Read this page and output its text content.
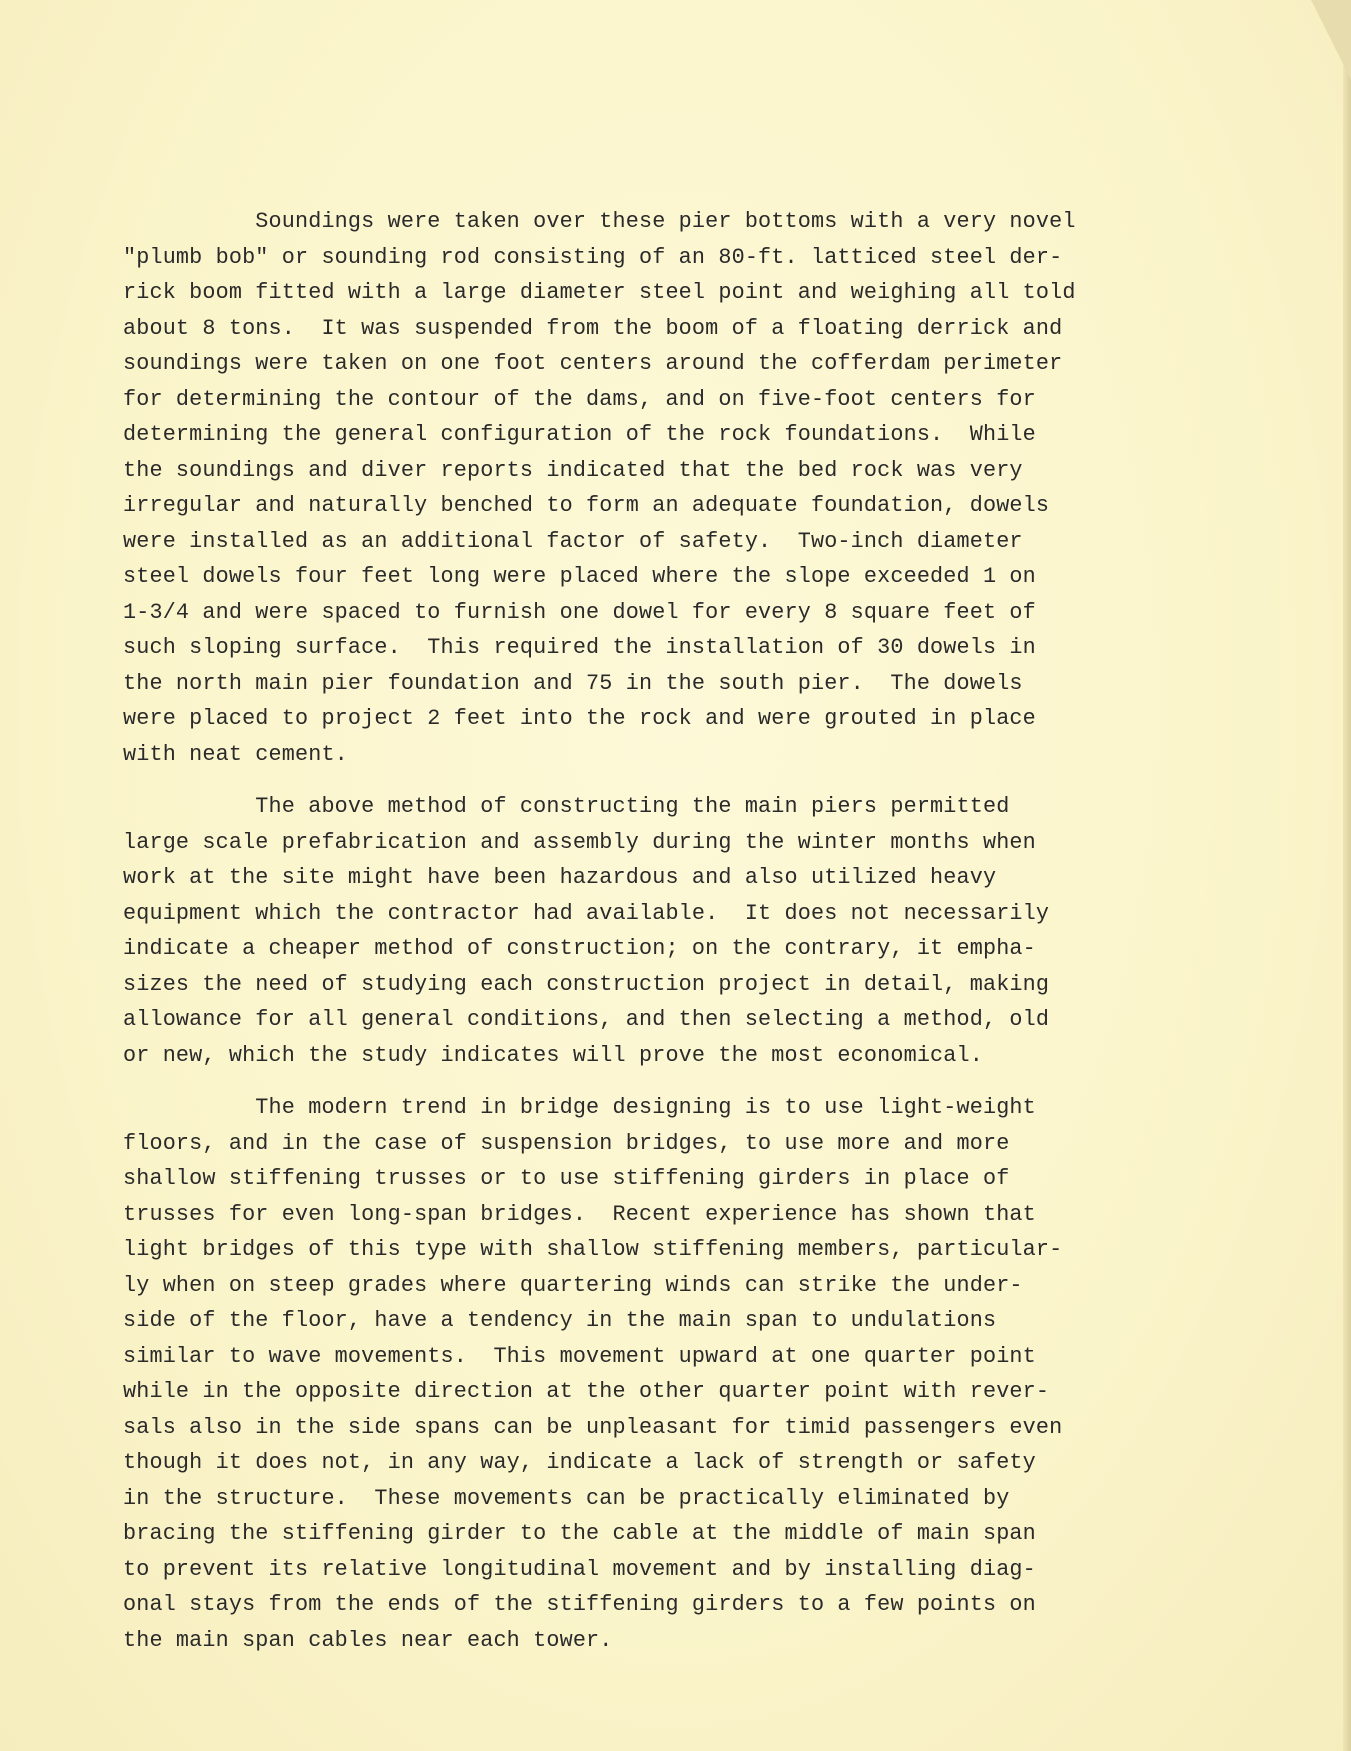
Soundings were taken over these pier bottoms with a very novel
"plumb bob" or sounding rod consisting of an 80-ft. latticed steel der-
rick boom fitted with a large diameter steel point and weighing all told
about 8 tons.  It was suspended from the boom of a floating derrick and
soundings were taken on one foot centers around the cofferdam perimeter
for determining the contour of the dams, and on five-foot centers for
determining the general configuration of the rock foundations.  While
the soundings and diver reports indicated that the bed rock was very
irregular and naturally benched to form an adequate foundation, dowels
were installed as an additional factor of safety.  Two-inch diameter
steel dowels four feet long were placed where the slope exceeded 1 on
1-3/4 and were spaced to furnish one dowel for every 8 square feet of
such sloping surface.  This required the installation of 30 dowels in
the north main pier foundation and 75 in the south pier.  The dowels
were placed to project 2 feet into the rock and were grouted in place
with neat cement.

The above method of constructing the main piers permitted
large scale prefabrication and assembly during the winter months when
work at the site might have been hazardous and also utilized heavy
equipment which the contractor had available.  It does not necessarily
indicate a cheaper method of construction; on the contrary, it empha-
sizes the need of studying each construction project in detail, making
allowance for all general conditions, and then selecting a method, old
or new, which the study indicates will prove the most economical.

The modern trend in bridge designing is to use light-weight
floors, and in the case of suspension bridges, to use more and more
shallow stiffening trusses or to use stiffening girders in place of
trusses for even long-span bridges.  Recent experience has shown that
light bridges of this type with shallow stiffening members, particular-
ly when on steep grades where quartering winds can strike the under-
side of the floor, have a tendency in the main span to undulations
similar to wave movements.  This movement upward at one quarter point
while in the opposite direction at the other quarter point with rever-
sals also in the side spans can be unpleasant for timid passengers even
though it does not, in any way, indicate a lack of strength or safety
in the structure.  These movements can be practically eliminated by
bracing the stiffening girder to the cable at the middle of main span
to prevent its relative longitudinal movement and by installing diag-
onal stays from the ends of the stiffening girders to a few points on
the main span cables near each tower.
